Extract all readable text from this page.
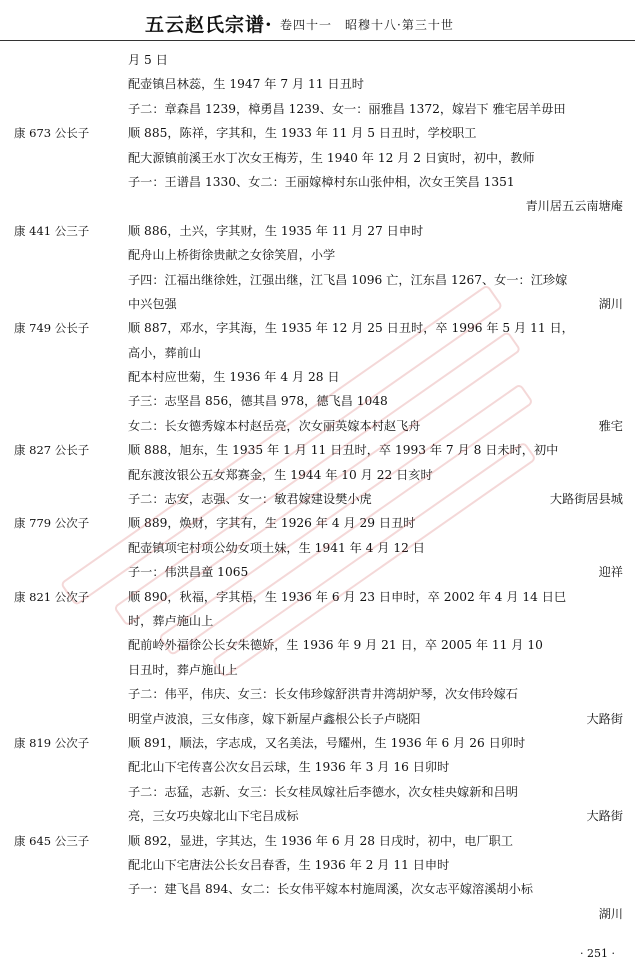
五云赵氏宗谱· 卷四十一　昭穆十八·第三十世
月 5 日
配壶镇吕林蕊，生 1947 年 7 月 11 日丑时
子二：章森昌 1239，樟勇昌 1239、女一：丽雅昌 1372，嫁岩下 雅宅居羊毋田
康 673 公长子	顺 885，陈祥，字其和，生 1933 年 11 月 5 日丑时，学校职工
配大源镇前溪王水丁次女王梅芳，生 1940 年 12 月 2 日寅时，初中，教师
子一：王谱昌 1330、女二：王丽嫁樟村东山张仲相，次女王笑昌 1351
青川居五云南塘庵
康 441 公三子	顺 886，土兴，字其财，生 1935 年 11 月 27 日申时
配舟山上桥街徐贵献之女徐笑眉，小学
子四：江福出继徐姓，江强出继，江飞昌 1096 亡，江东昌 1267、女一：江珍嫁
中兴包强	湖川
康 749 公长子	顺 887，邓水，字其海，生 1935 年 12 月 25 日丑时，卒 1996 年 5 月 11 日，
高小，葬前山
配本村应世菊，生 1936 年 4 月 28 日
子三：志坚昌 856，德其昌 978，德飞昌 1048
女二：长女德秀嫁本村赵岳亮，次女丽英嫁本村赵飞舟	雅宅
康 827 公长子	顺 888，旭东，生 1935 年 1 月 11 日丑时，卒 1993 年 7 月 8 日未时，初中
配东渡汝银公五女郑赛金，生 1944 年 10 月 22 日亥时
子二：志安，志强、女一：敏君嫁建设樊小虎	大路街居县城
康 779 公次子	顺 889，焕财，字其有，生 1926 年 4 月 29 日丑时
配壶镇项宅村项公幼女项土妹，生 1941 年 4 月 12 日
子一：伟洪昌童 1065	迎祥
康 821 公次子	顺 890，秋福，字其梧，生 1936 年 6 月 23 日申时，卒 2002 年 4 月 14 日巳
时，葬卢施山上
配前岭外福徐公长女朱德娇，生 1936 年 9 月 21 日，卒 2005 年 11 月 10
日丑时，葬卢施山上
子二：伟平，伟庆、女三：长女伟珍嫁舒洪青井湾胡炉琴，次女伟玲嫁石
明堂卢波浪，三女伟彦，嫁下新屋卢鑫根公长子卢晓阳	大路街
康 819 公次子	顺 891，顺法，字志成，又名美法，号耀州，生 1936 年 6 月 26 日卯时
配北山下宅传喜公次女吕云球，生 1936 年 3 月 16 日卯时
子二：志猛，志新、女三：长女桂凤嫁社后李德水，次女桂央嫁新和吕明
亮，三女巧央嫁北山下宅吕成标	大路街
康 645 公三子	顺 892，显进，字其达，生 1936 年 6 月 28 日戌时，初中，电厂职工
配北山下宅唐法公长女吕春香，生 1936 年 2 月 11 日申时
子一：建飞昌 894、女二：长女伟平嫁本村施周溪，次女志平嫁溶溪胡小标
湖川
· 251 ·
